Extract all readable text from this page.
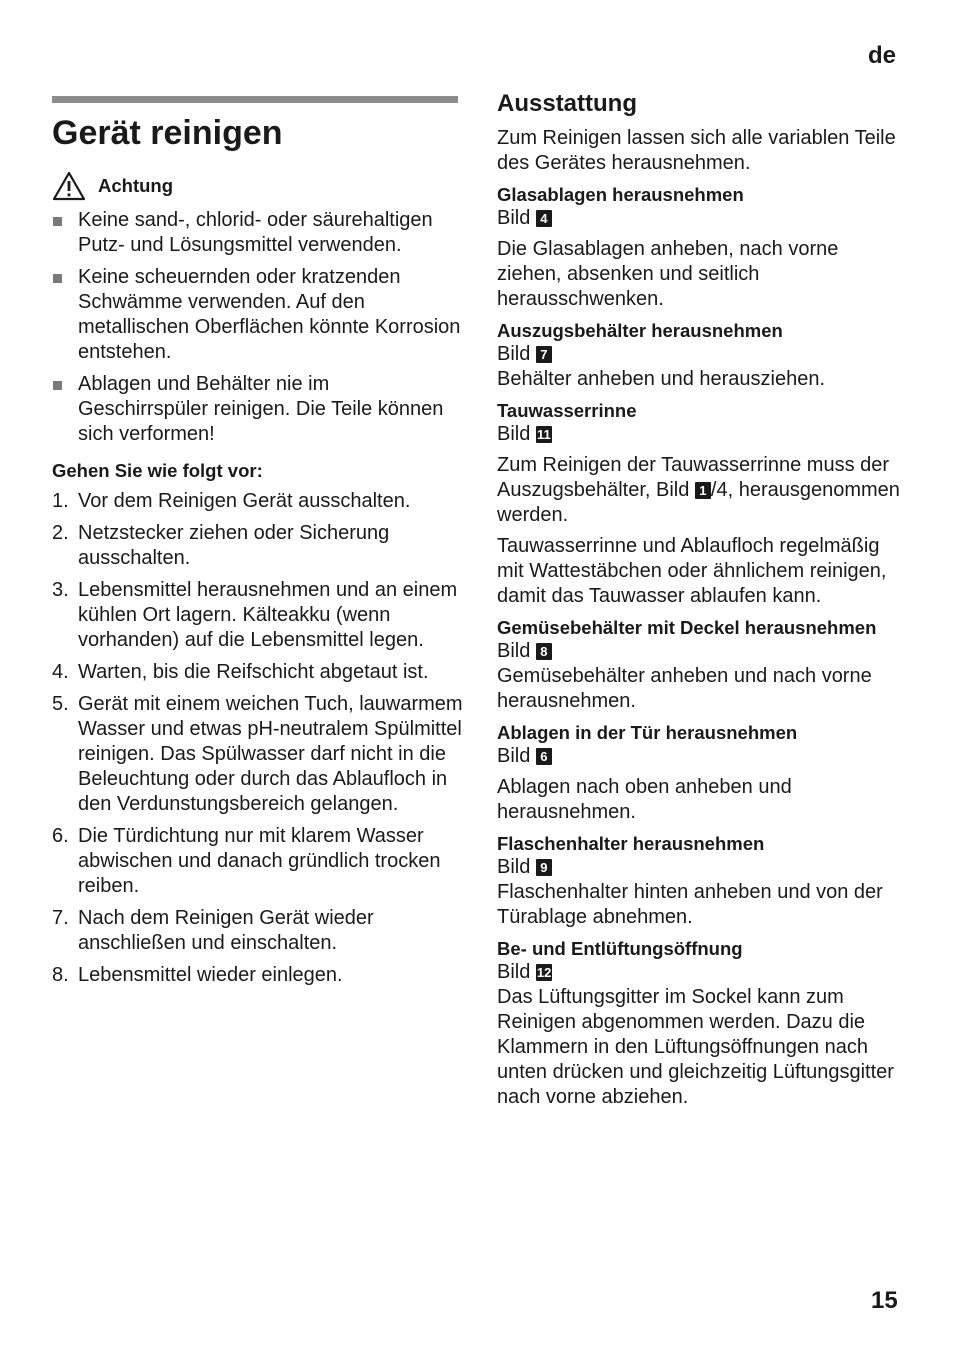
de
Gerät reinigen
Achtung
Keine sand-, chlorid- oder säurehaltigen Putz- und Lösungsmittel verwenden.
Keine scheuernden oder kratzenden Schwämme verwenden. Auf den metallischen Oberflächen könnte Korrosion entstehen.
Ablagen und Behälter nie im Geschirrspüler reinigen. Die Teile können sich verformen!
Gehen Sie wie folgt vor:
1. Vor dem Reinigen Gerät ausschalten.
2. Netzstecker ziehen oder Sicherung ausschalten.
3. Lebensmittel herausnehmen und an einem kühlen Ort lagern. Kälteakku (wenn vorhanden) auf die Lebensmittel legen.
4. Warten, bis die Reifschicht abgetaut ist.
5. Gerät mit einem weichen Tuch, lauwarmem Wasser und etwas pH-neutralem Spülmittel reinigen. Das Spülwasser darf nicht in die Beleuchtung oder durch das Ablaufloch in den Verdunstungsbereich gelangen.
6. Die Türdichtung nur mit klarem Wasser abwischen und danach gründlich trocken reiben.
7. Nach dem Reinigen Gerät wieder anschließen und einschalten.
8. Lebensmittel wieder einlegen.
Ausstattung

Zum Reinigen lassen sich alle variablen Teile des Gerätes herausnehmen.

Glasablagen herausnehmen
Bild 4

Die Glasablagen anheben, nach vorne ziehen, absenken und seitlich herausschwenken.

Auszugsbehälter herausnehmen
Bild 7

Behälter anheben und herausziehen.

Tauwasserrinne
Bild 11

Zum Reinigen der Tauwasserrinne muss der Auszugsbehälter, Bild 1 /4, herausgenommen werden.

Tauwasserrinne und Ablaufloch regelmäßig mit Wattestäbchen oder ähnlichem reinigen, damit das Tauwasser ablaufen kann.

Gemüsebehälter mit Deckel herausnehmen
Bild 8

Gemüsebehälter anheben und nach vorne herausnehmen.

Ablagen in der Tür herausnehmen
Bild 6

Ablagen nach oben anheben und herausnehmen.

Flaschenhalter herausnehmen
Bild 9

Flaschenhalter hinten anheben und von der Türablage abnehmen.

Be- und Entlüftungsöffnung
Bild 12

Das Lüftungsgitter im Sockel kann zum Reinigen abgenommen werden. Dazu die Klammern in den Lüftungsöffnungen nach unten drücken und gleichzeitig Lüftungsgitter nach vorne abziehen.

15
